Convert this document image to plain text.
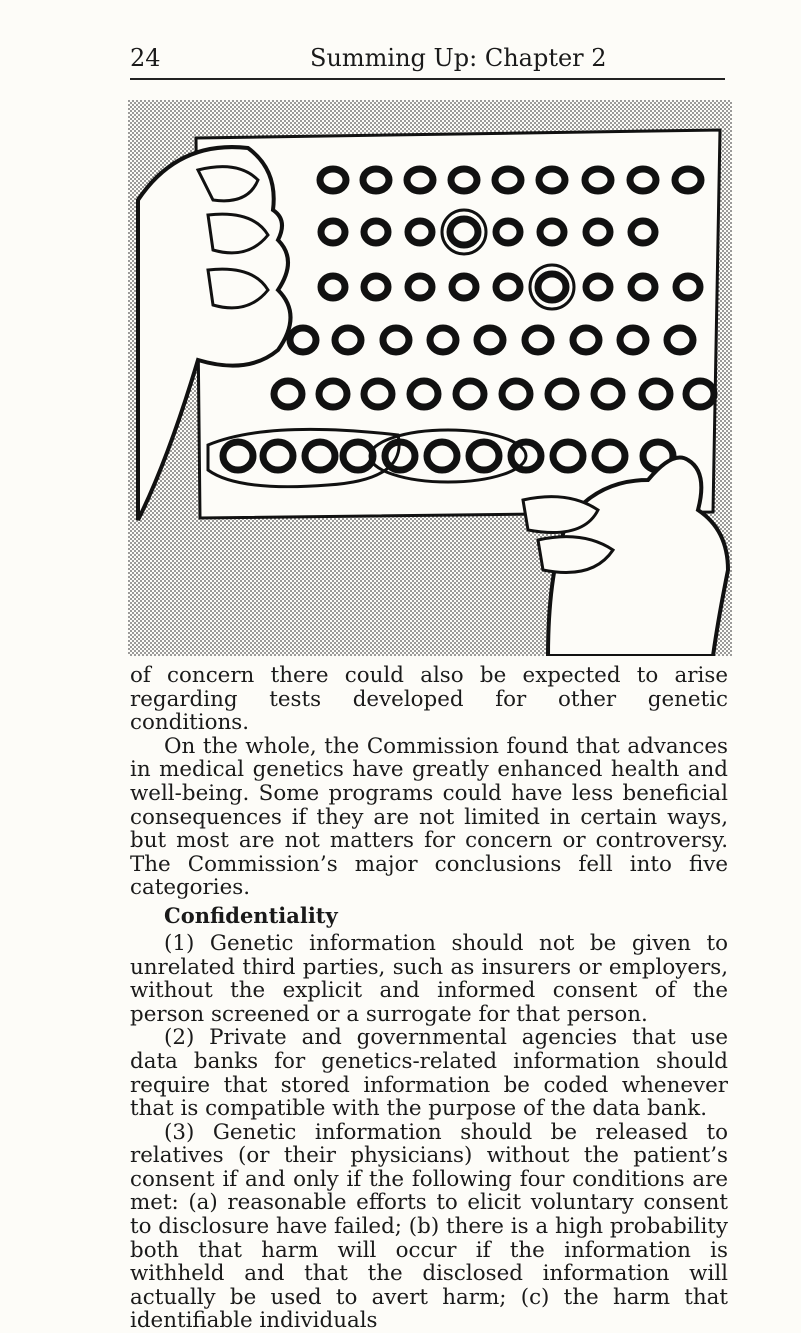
24	Summing Up: Chapter 2

of concern there could also be expected to arise regarding tests developed for other genetic conditions.

On the whole, the Commission found that advances in medical genetics have greatly enhanced health and well-being. Some programs could have less beneficial consequences if they are not limited in certain ways, but most are not matters for concern or controversy. The Commission’s major conclusions fell into five categories.

Confidentiality

(1) Genetic information should not be given to unrelated third parties, such as insurers or employers, without the explicit and informed consent of the person screened or a surrogate for that person.

(2) Private and governmental agencies that use data banks for genetics-related information should require that stored information be coded whenever that is compatible with the purpose of the data bank.

(3) Genetic information should be released to relatives (or their physicians) without the patient’s consent if and only if the following four conditions are met: (a) reasonable efforts to elicit voluntary consent to disclosure have failed; (b) there is a high probability both that harm will occur if the information is withheld and that the disclosed information will actually be used to avert harm; (c) the harm that identifiable individuals
